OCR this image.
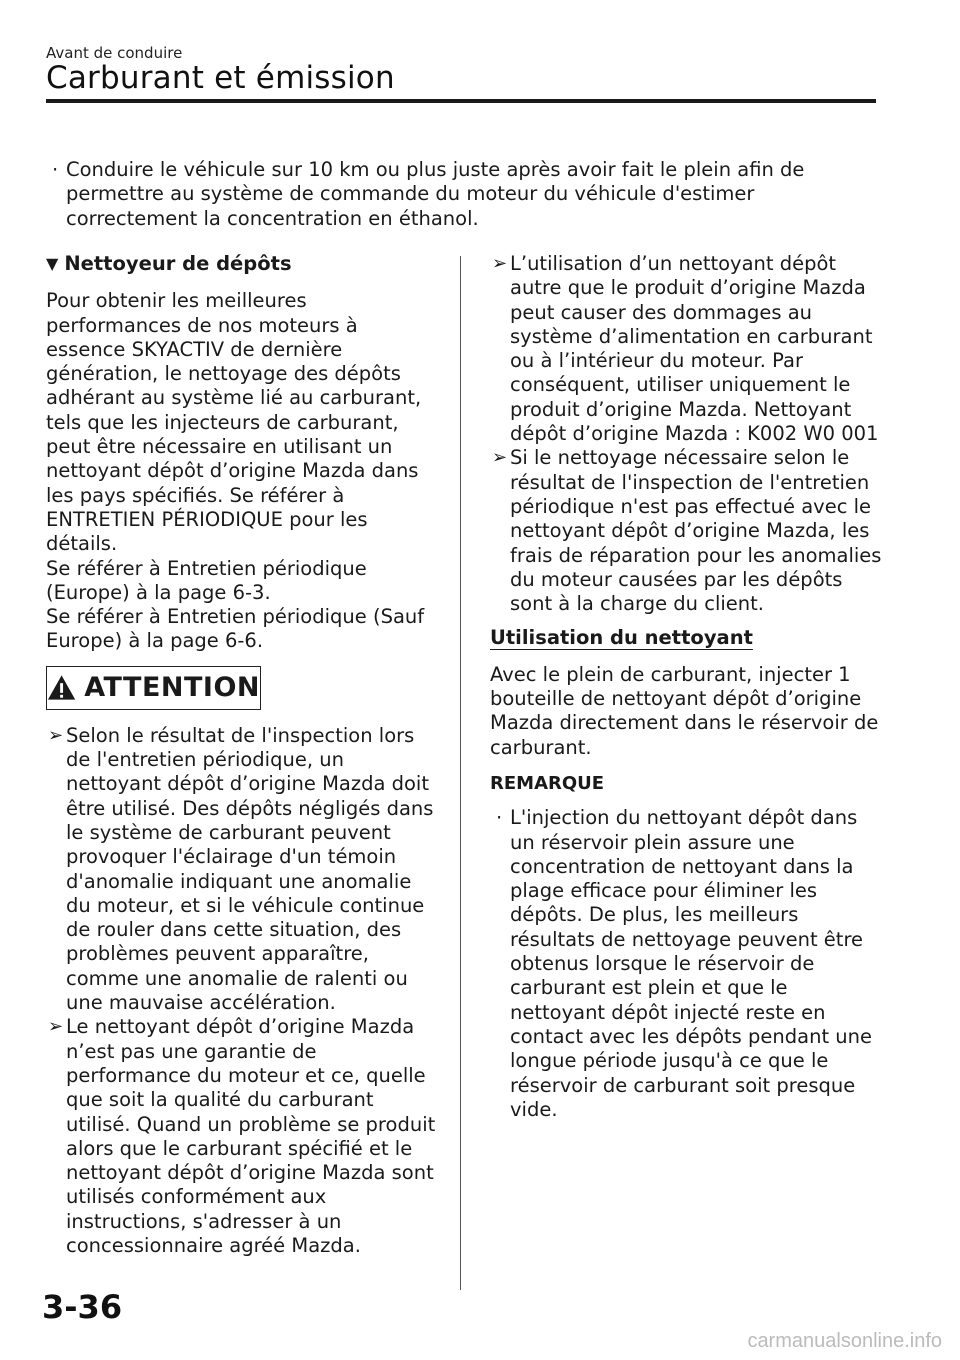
Avant de conduire
Carburant et émission
· Conduire le véhicule sur 10 km ou plus juste après avoir fait le plein afin de permettre au système de commande du moteur du véhicule d'estimer correctement la concentration en éthanol.
▼ Nettoyeur de dépôts

Pour obtenir les meilleures performances de nos moteurs à essence SKYACTIV de dernière génération, le nettoyage des dépôts adhérant au système lié au carburant, tels que les injecteurs de carburant, peut être nécessaire en utilisant un nettoyant dépôt d’origine Mazda dans les pays spécifiés. Se référer à ENTRETIEN PÉRIODIQUE pour les détails.

Se référer à Entretien périodique (Europe) à la page 6-3.

Se référer à Entretien périodique (Sauf Europe) à la page 6-6.

ATTENTION
➢ Selon le résultat de l'inspection lors de l'entretien périodique, un nettoyant dépôt d’origine Mazda doit être utilisé. Des dépôts négligés dans le système de carburant peuvent provoquer l'éclairage d'un témoin d'anomalie indiquant une anomalie du moteur, et si le véhicule continue de rouler dans cette situation, des problèmes peuvent apparaître, comme une anomalie de ralenti ou une mauvaise accélération.
➢ Le nettoyant dépôt d’origine Mazda n’est pas une garantie de performance du moteur et ce, quelle que soit la qualité du carburant utilisé. Quand un problème se produit alors que le carburant spécifié et le nettoyant dépôt d’origine Mazda sont utilisés conformément aux instructions, s'adresser à un concessionnaire agréé Mazda.
➢ L’utilisation d’un nettoyant dépôt autre que le produit d’origine Mazda peut causer des dommages au système d’alimentation en carburant ou à l’intérieur du moteur. Par conséquent, utiliser uniquement le produit d’origine Mazda. Nettoyant dépôt d’origine Mazda : K002 W0 001
➢ Si le nettoyage nécessaire selon le résultat de l'inspection de l'entretien périodique n'est pas effectué avec le nettoyant dépôt d’origine Mazda, les frais de réparation pour les anomalies du moteur causées par les dépôts sont à la charge du client.
Utilisation du nettoyant

Avec le plein de carburant, injecter 1 bouteille de nettoyant dépôt d’origine Mazda directement dans le réservoir de carburant.

REMARQUE
· L'injection du nettoyant dépôt dans un réservoir plein assure une concentration de nettoyant dans la plage efficace pour éliminer les dépôts. De plus, les meilleurs résultats de nettoyage peuvent être obtenus lorsque le réservoir de carburant est plein et que le nettoyant dépôt injecté reste en contact avec les dépôts pendant une longue période jusqu'à ce que le réservoir de carburant soit presque vide.
3-36
carmanualsonline.info
